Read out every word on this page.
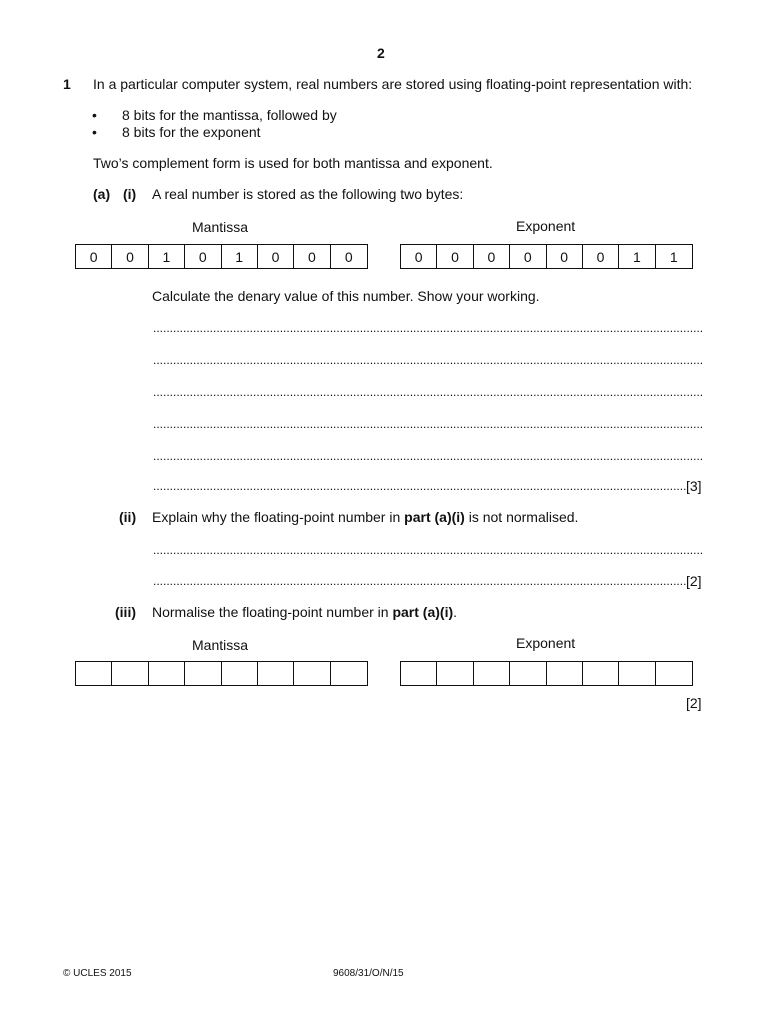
2
1 In a particular computer system, real numbers are stored using floating-point representation with:
• 8 bits for the mantissa, followed by
• 8 bits for the exponent
Two’s complement form is used for both mantissa and exponent.
(a) (i) A real number is stored as the following two bytes:
Mantissa	Exponent
0	0	1	0	1	0	0	0	0	0	0	0	0	0	1	1
Calculate the denary value of this number. Show your working.
.....
.....
.....
.....
.....
.....
[3]
(ii) Explain why the floating-point number in part (a)(i) is not normalised.
.....
.....
[2]
(iii) Normalise the floating-point number in part (a)(i).
Mantissa	Exponent
[2]
© UCLES 2015	9608/31/O/N/15
